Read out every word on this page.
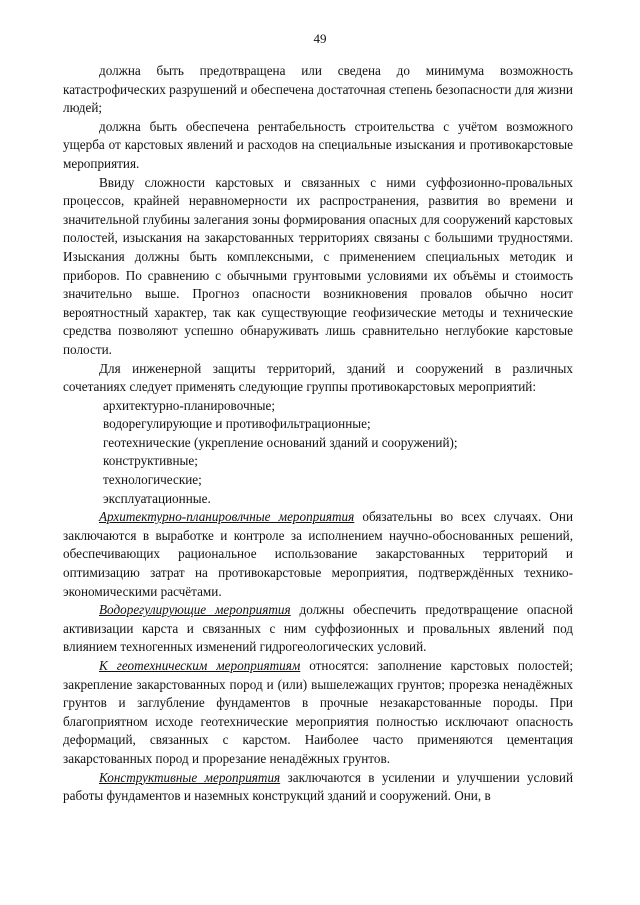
49

должна быть предотвращена или сведена до минимума возможность катастрофических разрушений и обеспечена достаточная степень безопасности для жизни людей;

должна быть обеспечена рентабельность строительства с учётом возможного ущерба от карстовых явлений и расходов на специальные изыскания и противокарстовые мероприятия.

Ввиду сложности карстовых и связанных с ними суффозионно-провальных процессов, крайней неравномерности их распространения, развития во времени и значительной глубины залегания зоны формирования опасных для сооружений карстовых полостей, изыскания на закарстованных территориях связаны с большими трудностями. Изыскания должны быть комплексными, с применением специальных методик и приборов. По сравнению с обычными грунтовыми условиями их объёмы и стоимость значительно выше. Прогноз опасности возникновения провалов обычно носит вероятностный характер, так как существующие геофизические методы и технические средства позволяют успешно обнаруживать лишь сравнительно неглубокие карстовые полости.

Для инженерной защиты территорий, зданий и сооружений в различных сочетаниях следует применять следующие группы противокарстовых мероприятий:

архитектурно-планировочные;

водорегулирующие и противофильтрационные;

геотехнические (укрепление оснований зданий и сооружений);

конструктивные;

технологические;

эксплуатационные.

Архитектурно-планировлчные мероприятия обязательны во всех случаях. Они заключаются в выработке и контроле за исполнением научно-обоснованных решений, обеспечивающих рациональное использование закарстованных территорий и оптимизацию затрат на противокарстовые мероприятия, подтверждённых технико-экономическими расчётами.

Водорегулирующие мероприятия должны обеспечить предотвращение опасной активизации карста и связанных с ним суффозионных и провальных явлений под влиянием техногенных изменений гидрогеологических условий.

К геотехническим мероприятиям относятся: заполнение карстовых полостей; закрепление закарстованных пород и (или) вышележащих грунтов; прорезка ненадёжных грунтов и заглубление фундаментов в прочные незакарстованные породы. При благоприятном исходе геотехнические мероприятия полностью исключают опасность деформаций, связанных с карстом. Наиболее часто применяются цементация закарстованных пород и прорезание ненадёжных грунтов.

Конструктивные мероприятия заключаются в усилении и улучшении условий работы фундаментов и наземных конструкций зданий и сооружений. Они, в
